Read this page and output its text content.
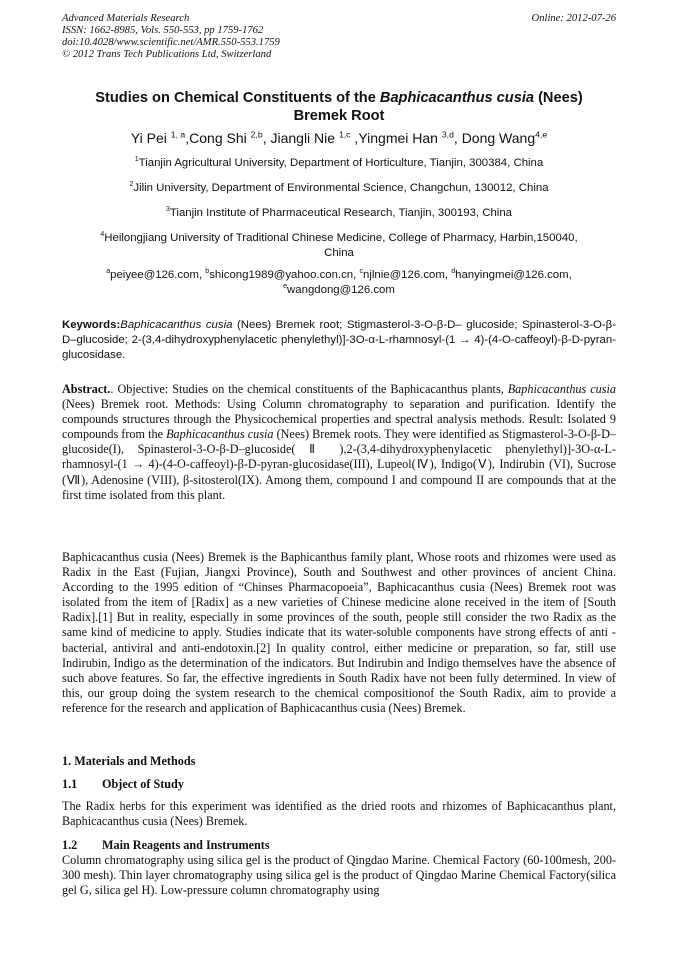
Advanced Materials Research
ISSN: 1662-8985, Vols. 550-553, pp 1759-1762
doi:10.4028/www.scientific.net/AMR.550-553.1759
© 2012 Trans Tech Publications Ltd, Switzerland
Online: 2012-07-26
Studies on Chemical Constituents of the Baphicacanthus cusia (Nees)
Bremek Root
Yi Pei $^{1, a}$,Cong Shi $^{2,b}$, Jiangli Nie $^{1,c}$ ,Yingmei Han $^{3,d}$, Dong Wang$^{4,e}$
$^1$Tianjin Agricultural University, Department of Horticulture, Tianjin, 300384, China
$^2$Jilin University, Department of Environmental Science, Changchun, 130012, China
$^3$Tianjin Institute of Pharmaceutical Research, Tianjin, 300193, China
$^4$Heilongjiang University of Traditional Chinese Medicine, College of Pharmacy, Harbin,150040,
China
$^a$peiyee@126.com, $^b$shicong1989@yahoo.con.cn, $^c$njlnie@126.com, $^d$hanyingmei@126.com,
$^e$wangdong@126.com
Keywords:Baphicacanthus cusia (Nees) Bremek root; Stigmasterol-3-O-β-D– glucoside; Spinasterol-3-O-β-D–glucoside; 2-(3,4-dihydroxyphenylacetic phenylethyl)]-3O-α-L-rhamnosyl-(1 → 4)-(4-O-caffeoyl)-β-D-pyran-glucosidase.

Abstract.. Objective: Studies on the chemical constituents of the Baphicacanthus plants, Baphicacanthus cusia (Nees) Bremek root. Methods: Using Column chromatography to separation and purification. Identify the compounds structures through the Physicochemical properties and spectral analysis methods. Result: Isolated 9 compounds from the Baphicacanthus cusia (Nees) Bremek roots. They were identified as Stigmasterol-3-O-β-D–glucoside(I), Spinasterol-3-O-β-D–glucoside( Ⅱ ),2-(3,4-dihydroxyphenylacetic phenylethyl)]-3O-α-L-rhamnosyl-(1 → 4)-(4-O-caffeoyl)-β-D-pyran-glucosidase(III), Lupeol(Ⅳ), Indigo(Ⅴ), Indirubin (VI), Sucrose (Ⅶ), Adenosine (VIII), β-sitosterol(IX). Among them, compound I and compound II are compounds that at the first time isolated from this plant.

Baphicacanthus cusia (Nees) Bremek is the Baphicanthus family plant, Whose roots and rhizomes were used as Radix in the East (Fujian, Jiangxi Province), South and Southwest and other provinces of ancient China. According to the 1995 edition of “Chinses Pharmacopoeia”, Baphicacanthus cusia (Nees) Bremek root was isolated from the item of [Radix] as a new varieties of Chinese medicine alone received in the item of [South Radix].[1] But in reality, especially in some provinces of the south, people still consider the two Radix as the same kind of medicine to apply. Studies indicate that its water-soluble components have strong effects of anti -bacterial, antiviral and anti-endotoxin.[2] In quality control, either medicine or preparation, so far, still use Indirubin, Indigo as the determination of the indicators. But Indirubin and Indigo themselves have the absence of such above features. So far, the effective ingredients in South Radix have not been fully determined. In view of this, our group doing the system research to the chemical compositionof the South Radix, aim to provide a reference for the research and application of Baphicacanthus cusia (Nees) Bremek.

1. Materials and Methods
1.1 Object of Study

The Radix herbs for this experiment was identified as the dried roots and rhizomes of Baphicacanthus plant, Baphicacanthus cusia (Nees) Bremek.

1.2 Main Reagents and Instruments

Column chromatography using silica gel is the product of Qingdao Marine. Chemical Factory (60-100mesh, 200-300 mesh). Thin layer chromatography using silica gel is the product of Qingdao Marine Chemical Factory(silica gel G, silica gel H). Low-pressure column chromatography using
